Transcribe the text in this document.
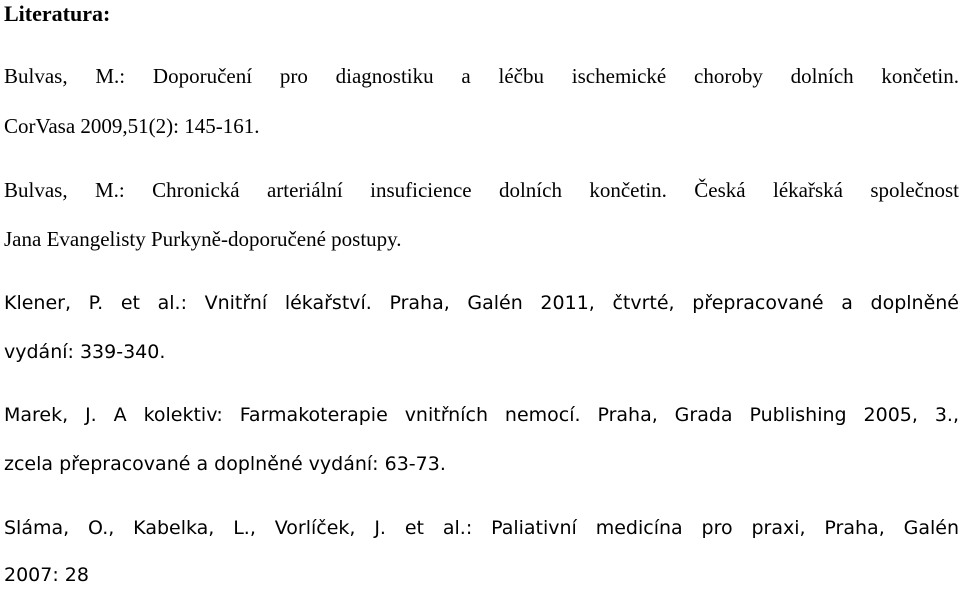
Literatura:
Bulvas, M.: Doporučení pro diagnostiku a léčbu ischemické choroby dolních končetin.
CorVasa 2009,51(2): 145-161.
Bulvas, M.: Chronická arteriální insuficience dolních končetin. Česká lékařská společnost
Jana Evangelisty Purkyně-doporučené postupy.
Klener, P. et al.: Vnitřní lékařství. Praha, Galén 2011, čtvrté, přepracované a doplněné
vydání: 339-340.
Marek, J. A kolektiv: Farmakoterapie vnitřních nemocí. Praha, Grada Publishing 2005, 3.,
zcela přepracované a doplněné vydání: 63-73.
Sláma, O., Kabelka, L., Vorlíček, J. et al.: Paliativní medicína pro praxi, Praha, Galén
2007: 28
